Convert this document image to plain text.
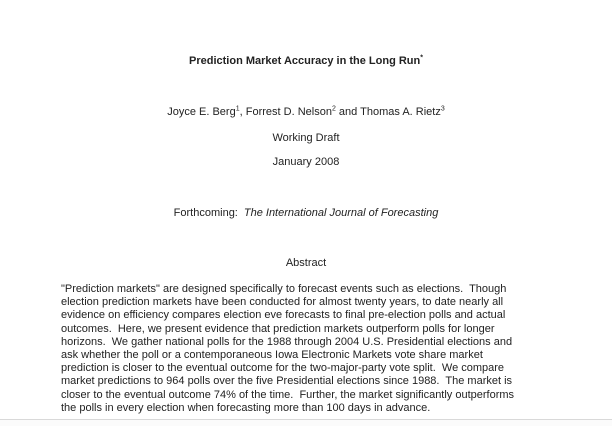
Prediction Market Accuracy in the Long Run*
Joyce E. Berg$^1$, Forrest D. Nelson$^2$ and Thomas A. Rietz$^3$
Working Draft
January 2008
Forthcoming: The International Journal of Forecasting
Abstract
"Prediction markets" are designed specifically to forecast events such as elections.  Though
election prediction markets have been conducted for almost twenty years, to date nearly all
evidence on efficiency compares election eve forecasts to final pre-election polls and actual
outcomes.  Here, we present evidence that prediction markets outperform polls for longer
horizons.  We gather national polls for the 1988 through 2004 U.S. Presidential elections and
ask whether the poll or a contemporaneous Iowa Electronic Markets vote share market
prediction is closer to the eventual outcome for the two-major-party vote split.  We compare
market predictions to 964 polls over the five Presidential elections since 1988.  The market is
closer to the eventual outcome 74% of the time.  Further, the market significantly outperforms
the polls in every election when forecasting more than 100 days in advance.
